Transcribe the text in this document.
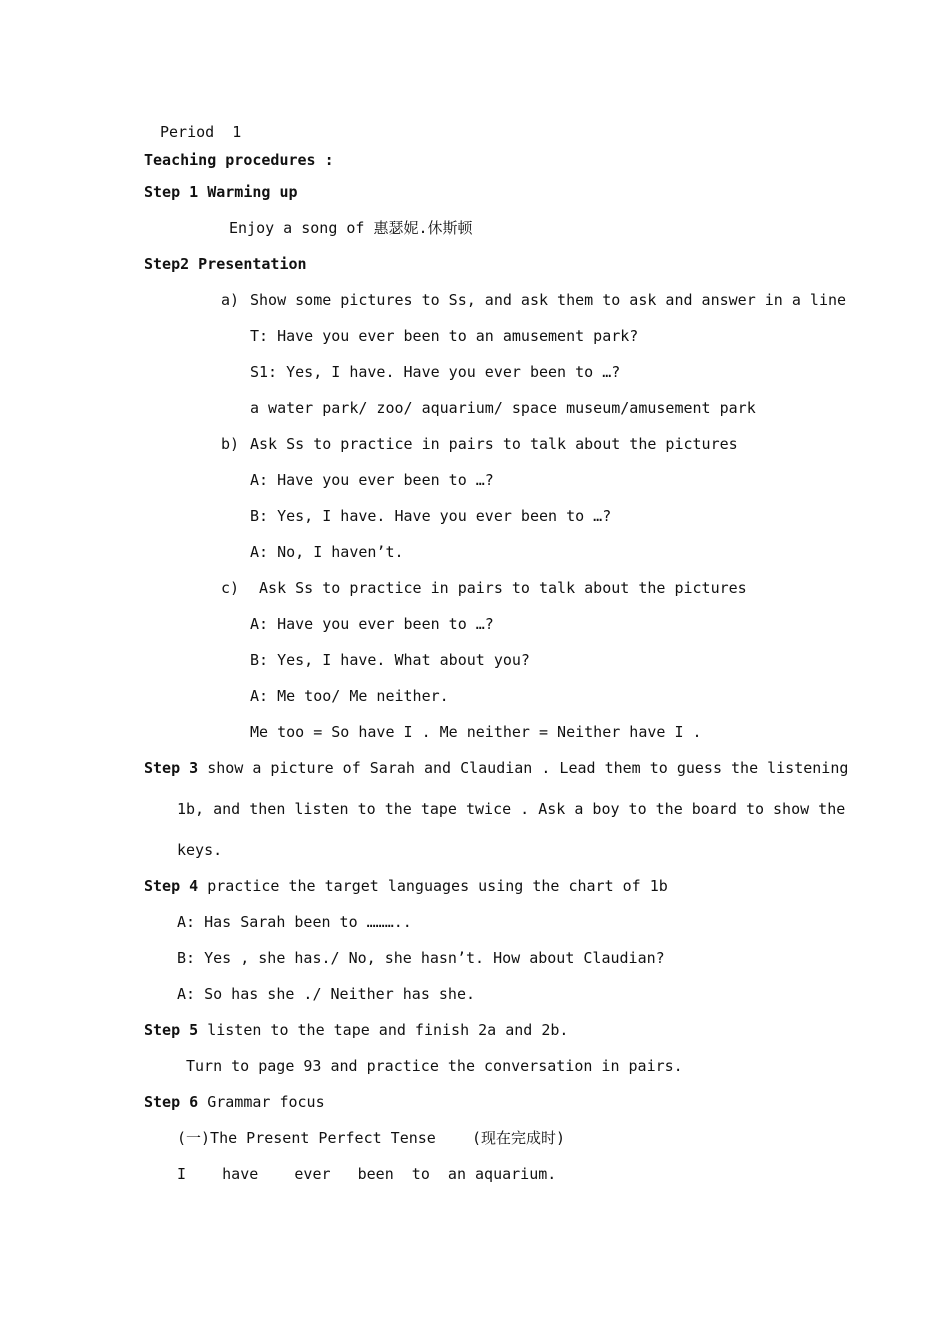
Period  1
Teaching procedures :
Step 1 Warming up
Enjoy a song of 惠瑟妮.休斯顿
Step2 Presentation
a) Show some pictures to Ss, and ask them to ask and answer in a line
T: Have you ever been to an amusement park?
S1: Yes, I have. Have you ever been to …?
a water park/ zoo/ aquarium/ space museum/amusement park
b) Ask Ss to practice in pairs to talk about the pictures
A: Have you ever been to …?
B: Yes, I have. Have you ever been to …?
A: No, I haven’t.
c) Ask Ss to practice in pairs to talk about the pictures
A: Have you ever been to …?
B: Yes, I have. What about you?
A: Me too/ Me neither.
Me too = So have I . Me neither = Neither have I .
Step 3 show a picture of Sarah and Claudian . Lead them to guess the listening
1b, and then listen to the tape twice . Ask a boy to the board to show the
keys.
Step 4 practice the target languages using the chart of 1b
A: Has Sarah been to ………..
B: Yes , she has./ No, she hasn’t. How about Claudian?
A: So has she ./ Neither has she.
Step 5 listen to the tape and finish 2a and 2b.
Turn to page 93 and practice the conversation in pairs.
Step 6 Grammar focus
(一)The Present Perfect Tense    (现在完成时)
I    have    ever   been  to  an aquarium.
